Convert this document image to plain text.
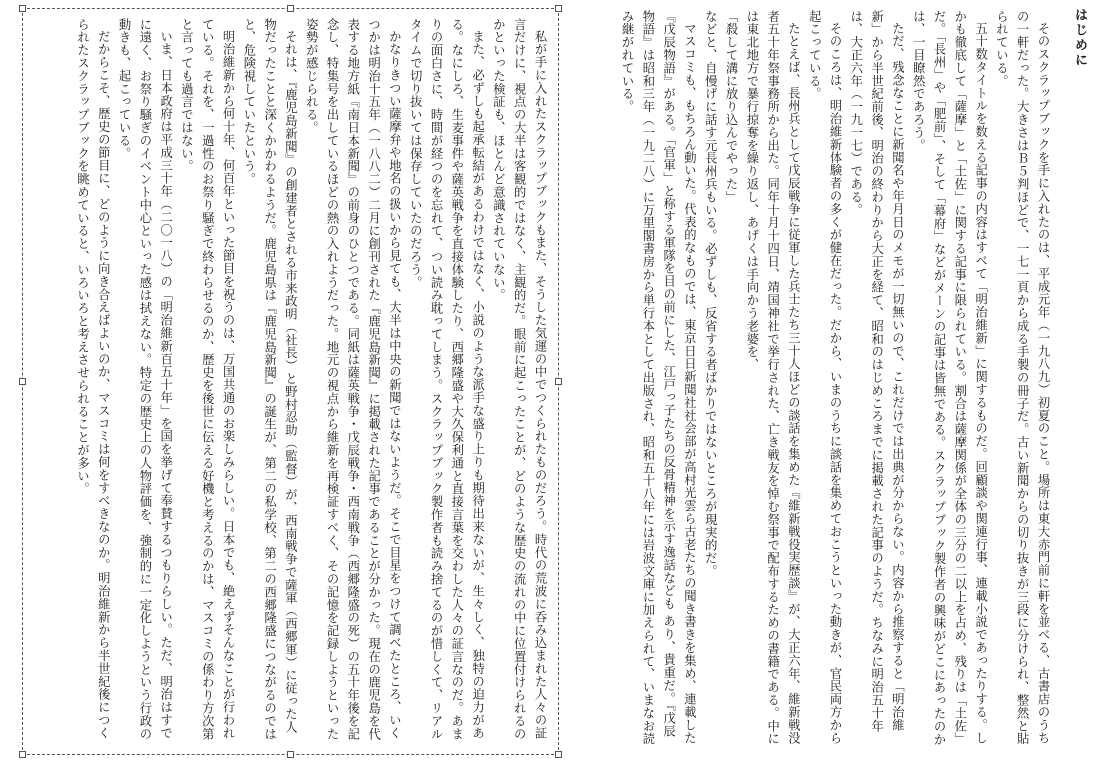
はじめに

そのスクラップブックを手に入れたのは、平成元年（一九八九）初夏のこと。場所は東大赤門前に軒を並べる、古書店のうちの一軒だった。大きさはＢ５判ほどで、一七一頁から成る手製の冊子だ。古い新聞からの切り抜きが三段に分けられ、整然と貼られている。

五十数タイトルを数える記事の内容はすべて「明治維新」に関するものだ。回顧談や関連行事、連載小説であったりする。しかも徹底して「薩摩」と「土佐」に関する記事に限られている。割合は薩摩関係が全体の三分の二以上を占め、残りは「土佐」だ。「長州」や「肥前」、そして「幕府」などがメーンの記事は皆無である。スクラップブック製作者の興味がどこにあったのかは、一目瞭然であろう。

ただ、残念なことに新聞名や年月日のメモが一切無いので、これだけでは出典が分からない。内容から推察すると「明治維新」から半世紀前後、明治の終わりから大正を経て、昭和のはじめころまでに掲載された記事のようだ。ちなみに明治五十年は、大正六年（一九一七）である。

そのころは、明治維新体験者の多くが健在だった。だから、いまのうちに談話を集めておこうといった動きが、官民両方から起こっている。

たとえば、長州兵として戊辰戦争に従軍した兵士たち三十人ほどの談話を集めた『維新戦役実歴談』が、大正六年、維新戦没者五十年祭事務所から出た。同年十月十四日、靖国神社で挙行された、亡き戦友を悼む祭事で配布するための書籍である。中には東北地方で暴行掠奪を繰り返し、あげくは手向かう老婆を、

「殺して溝に放り込んでやった」

などと、自慢げに話す元長州兵もいる。必ずしも、反省する者ばかりではないところが現実的だ。

マスコミも、もちろん動いた。代表的なものでは、東京日日新聞社社会部が高村光雲ら古老たちの聞き書きを集め、連載した『戊辰物語』がある。「官軍」と称する軍隊を目の前にした、江戸っ子たちの反骨精神を示す逸話なども あり、貴重だ。『戊辰物語』は昭和三年（一九二八）に万里閣書房から単行本として出版され、昭和五十八年には岩波文庫に加えられて、いまなお読み継がれている。

私が手に入れたスクラップブックもまた、そうした気運の中でつくられたものだろう。時代の荒波に呑み込まれた人々の証言だけに、視点の大半は客観的ではなく、主観的だ。眼前に起こったことが、どのような歴史の流れの中に位置付けられるのかといった検証も、ほとんど意識されていない。

また、必ずしも起承転結があるわけではなく、小説のような派手な盛り上りも期待出来ないが、生々しく、独特の迫力がある。なにしろ、生麦事件や薩英戦争を直接体験したり、西郷隆盛や大久保利通と直接言葉を交わした人々の証言なのだ。あまりの面白さに、時間が経つのを忘れて、つい読み耽ってしまう。スクラップブック製作者も読み捨てるのが惜しくて、リアルタイムで切り抜いては保存していたのだろう。

かなりきつい薩摩弁や地名の扱いから見ても、大半は中央の新聞ではないようだ。そこで目星をつけて調べたところ、いくつかは明治十五年（一八八二）二月に創刊された『鹿児島新聞』に掲載された記事であることが分かった。現在の鹿児島を代表する地方紙『南日本新聞』の前身のひとつである。同紙は薩英戦争・戊辰戦争・西南戦争（西郷隆盛の死）の五十年後を記念し、特集号を出しているほどの熱の入れようだった。地元の視点から維新を再検証すべく、その記憶を記録しようといった姿勢が感じられる。

それは、『鹿児島新聞』の創建者とされる市来政明（社長）と野村忍助（監督）が、西南戦争で薩軍（西郷軍）に従った人物だったことと深くかかわるようだ。鹿児島県は『鹿児島新聞』の誕生が、第二の私学校、第二の西郷隆盛につながるのではと、危険視していたという。

明治維新から何十年、何百年といった節目を祝うのは、万国共通のお楽しみらしい。日本でも、絶えずそんなことが行われている。それを、一過性のお祭り騒ぎで終わらせるのか、歴史を後世に伝える好機と考えるのかは、マスコミの係わり方次第と言っても過言ではない。

いま、日本政府は平成三十年（二〇一八）の「明治維新百五十年」を国を挙げて奉賛するつもりらしい。ただ、明治はすでに遠く、お祭り騒ぎのイベント中心といった感は拭えない。特定の歴史上の人物評価を、強制的に一定化しようという行政の動きも、起こっている。

だからこそ、歴史の節目に、どのように向き合えばよいのか、マスコミは何をすべきなのか。明治維新から半世紀後につくられたスクラップブックを眺めていると、いろいろと考えさせられることが多い。
